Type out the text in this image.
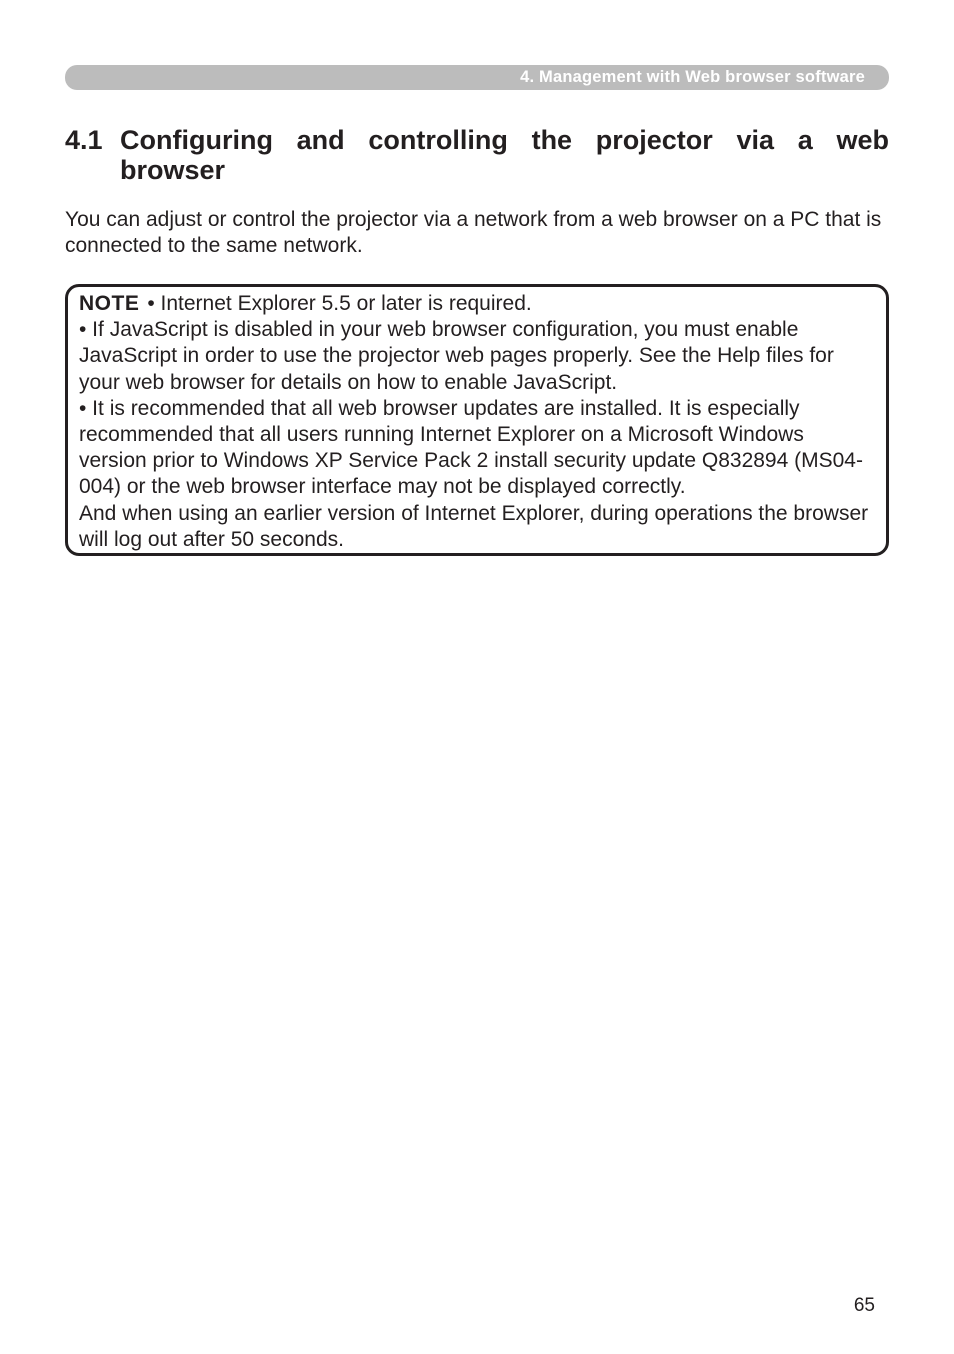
4. Management with Web browser software
4.1 Configuring and controlling the projector via a web browser

You can adjust or control the projector via a network from a web browser on a PC that is connected to the same network.

NOTE • Internet Explorer 5.5 or later is required.

• If JavaScript is disabled in your web browser configuration, you must enable JavaScript in order to use the projector web pages properly. See the Help files for your web browser for details on how to enable JavaScript.

• It is recommended that all web browser updates are installed. It is especially recommended that all users running Internet Explorer on a Microsoft Windows version prior to Windows XP Service Pack 2 install security update Q832894 (MS04-004) or the web browser interface may not be displayed correctly.

And when using an earlier version of Internet Explorer, during operations the browser will log out after 50 seconds.

65
